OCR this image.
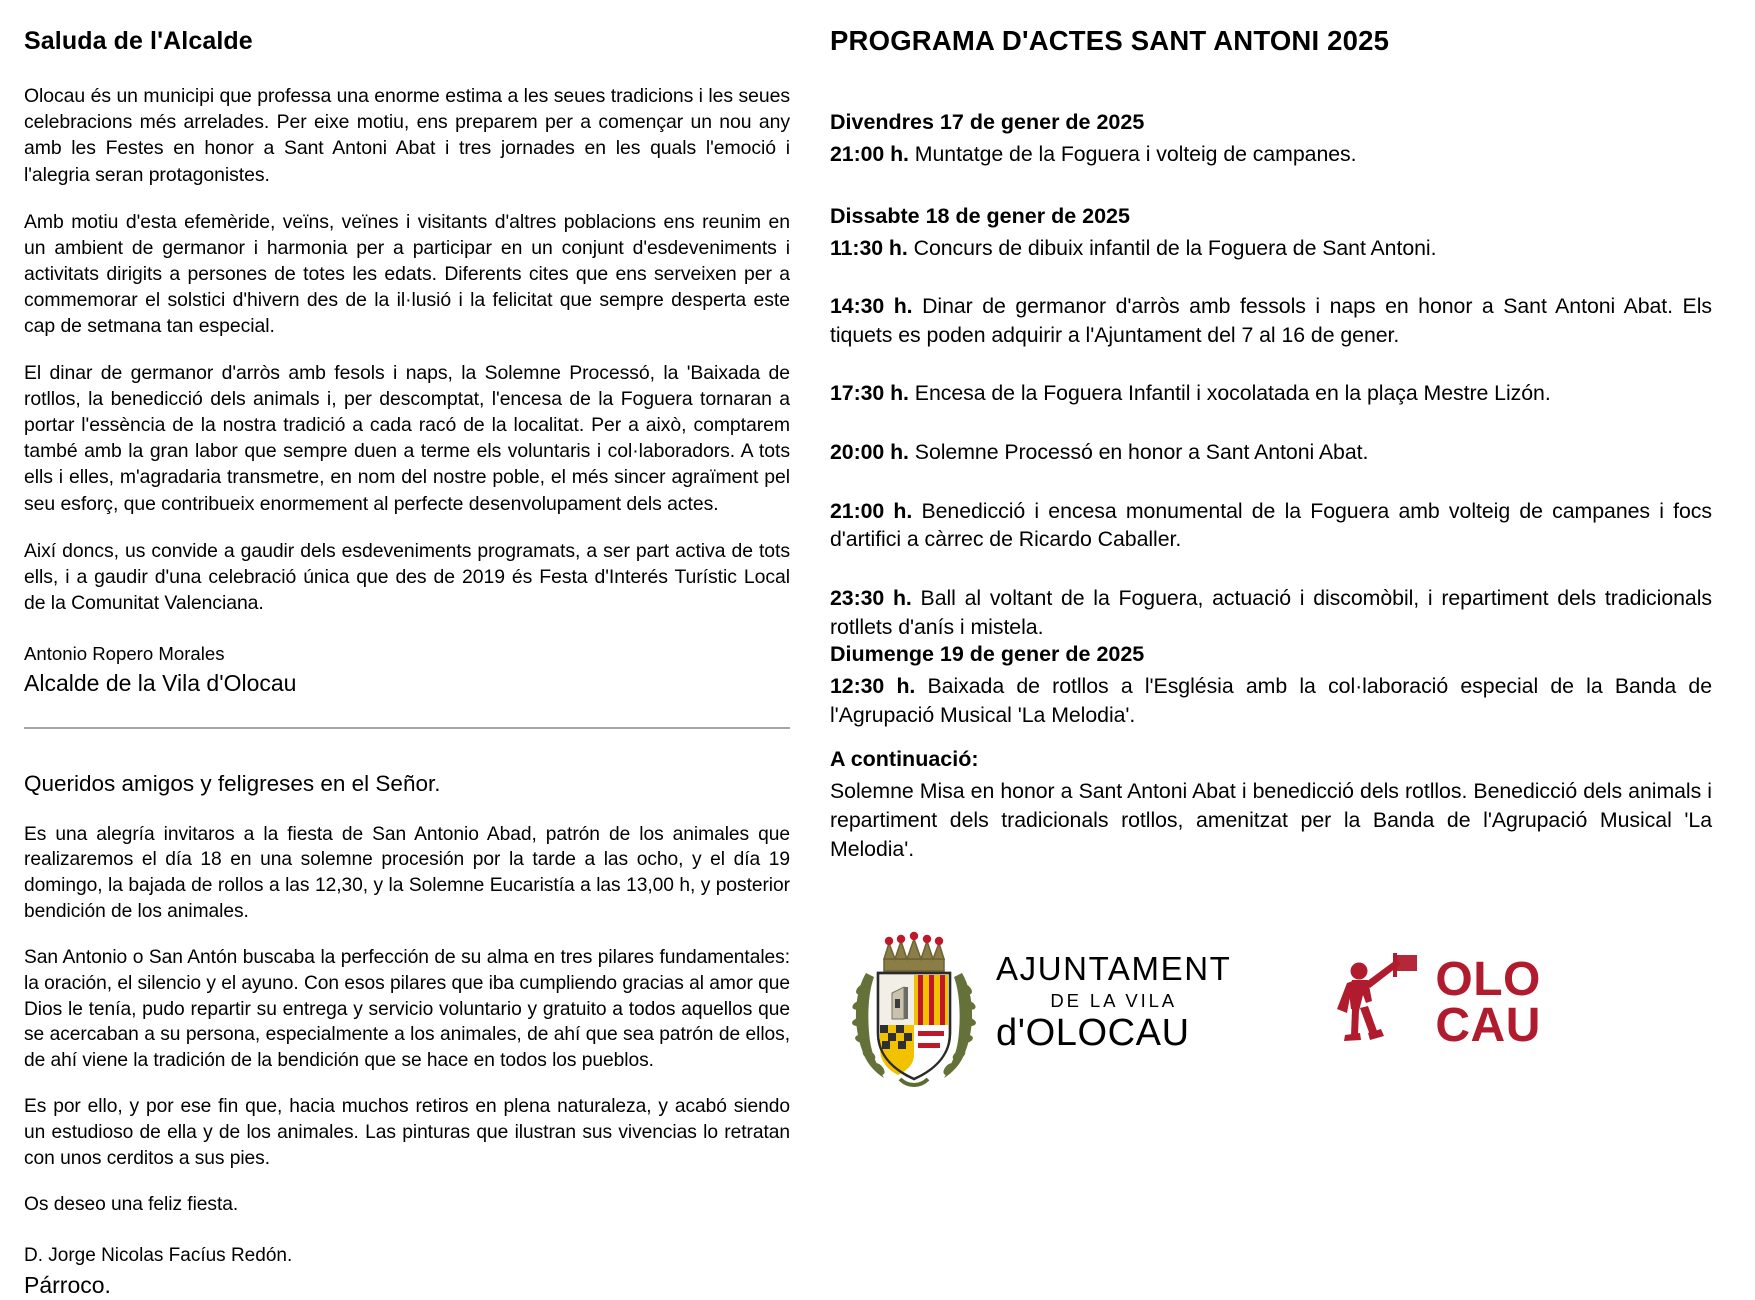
Saluda de l'Alcalde

Olocau és un municipi que professa una enorme estima a les seues tradicions i les seues celebracions més arrelades. Per eixe motiu, ens preparem per a començar un nou any amb les Festes en honor a Sant Antoni Abat i tres jornades en les quals l'emoció i l'alegria seran protagonistes.

Amb motiu d'esta efemèride, veïns, veïnes i visitants d'altres poblacions ens reunim en un ambient de germanor i harmonia per a participar en un conjunt d'esdeveniments i activitats dirigits a persones de totes les edats. Diferents cites que ens serveixen per a commemorar el solstici d'hivern des de la il·lusió i la felicitat que sempre desperta este cap de setmana tan especial.

El dinar de germanor d'arròs amb fesols i naps, la Solemne Processó, la 'Baixada de rotllos, la benedicció dels animals i, per descomptat, l'encesa de la Foguera tornaran a portar l'essència de la nostra tradició a cada racó de la localitat. Per a això, comptarem també amb la gran labor que sempre duen a terme els voluntaris i col·laboradors. A tots ells i elles, m'agradaria transmetre, en nom del nostre poble, el més sincer agraïment pel seu esforç, que contribueix enormement al perfecte desenvolupament dels actes.

Així doncs, us convide a gaudir dels esdeveniments programats, a ser part activa de tots ells, i a gaudir d'una celebració única que des de 2019 és Festa d'Interés Turístic Local de la Comunitat Valenciana.

Antonio Ropero Morales

Alcalde de la Vila d'Olocau

Queridos amigos y feligreses en el Señor.

Es una alegría invitaros a la fiesta de San Antonio Abad, patrón de los animales que realizaremos el día 18 en una solemne procesión por la tarde a las ocho, y el día 19 domingo, la bajada de rollos a las 12,30, y la Solemne Eucaristía a las 13,00 h, y posterior bendición de los animales.

San Antonio o San Antón buscaba la perfección de su alma en tres pilares fundamentales: la oración, el silencio y el ayuno. Con esos pilares que iba cumpliendo gracias al amor que Dios le tenía, pudo repartir su entrega y servicio voluntario y gratuito a todos aquellos que se acercaban a su persona, especialmente a los animales, de ahí que sea patrón de ellos, de ahí viene la tradición de la bendición que se hace en todos los pueblos.

Es por ello, y por ese fin que, hacia muchos retiros en plena naturaleza, y acabó siendo un estudioso de ella y de los animales. Las pinturas que ilustran sus vivencias lo retratan con unos cerditos a sus pies.

Os deseo una feliz fiesta.

D. Jorge Nicolas Facíus Redón.

Párroco.

PROGRAMA D'ACTES SANT ANTONI 2025

Divendres 17 de gener de 2025

21:00 h. Muntatge de la Foguera i volteig de campanes.

Dissabte 18 de gener de 2025

11:30 h. Concurs de dibuix infantil de la Foguera de Sant Antoni.

14:30 h. Dinar de germanor d'arròs amb fessols i naps en honor a Sant Antoni Abat. Els tiquets es poden adquirir a l'Ajuntament del 7 al 16 de gener.

17:30 h. Encesa de la Foguera Infantil i xocolatada en la plaça Mestre Lizón.

20:00 h. Solemne Processó en honor a Sant Antoni Abat.

21:00 h. Benedicció i encesa monumental de la Foguera amb volteig de campanes i focs d'artifici a càrrec de Ricardo Caballer.

23:30 h. Ball al voltant de la Foguera, actuació i discomòbil, i repartiment dels tradicionals rotllets d'anís i mistela.

Diumenge 19 de gener de 2025

12:30 h. Baixada de rotllos a l'Església amb la col·laboració especial de la Banda de l'Agrupació Musical 'La Melodia'.

A continuació:

Solemne Misa en honor a Sant Antoni Abat i benedicció dels rotllos. Benedicció dels animals i repartiment dels tradicionals rotllos, amenitzat per la Banda de l'Agrupació Musical 'La Melodia'.

AJUNTAMENT
DE LA VILA
d'OLOCAU
OLO
CAU
